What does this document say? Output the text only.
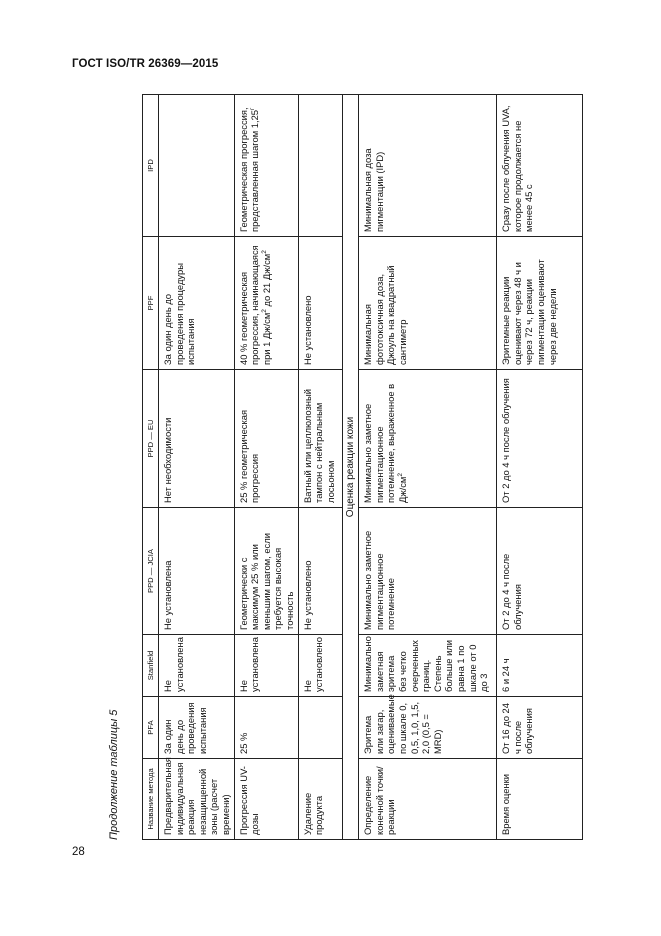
ГОСТ ISO/TR 26369—2015
Продолжение таблицы 5	Название метода	PFA	Stanfield	PPD — JCIA	PPD — EU	PPF	IPD
Предварительная индивидуальная реакция незащищенной зоны (расчет времени)	За один день до проведения испытания	Не установлена	Не установлена	Нет необходимости	За один день до проведения процедуры испытания	
Прогрессия UV-дозы	25 %	Не установлена	Геометрически с максимум 25 % или меньшим шагом, если требуется высокая точность	25 % геометрическая прогрессия	40 % геометрическая прогрессия, начинающаяся при 1 $Дж/см^2$ до 21 $Дж/см^2$	Геометрическая прогрессия, представленная шагом $1,25^г$
Удаление продукта		Не установлено	Не установлено	Ватный или целлюлозный тампон с нейтральным лосьоном	Не установлено	
Оценка реакции кожи						
Определение конечной точки/реакции	Эритема или загар, оцениваемые по шкале 0, 0,5, 1,0, 1,5, 2,0 (0,5 = MRD)	Минимально заметная эритема без четко очерченных границ. Степень больше или равна 1 по шкале от 0 до 3	Минимально заметное пигментационное потемнение	Минимально заметное пигментационное потемнение, выраженное в $Дж/см^2$	Минимальная фототоксичная доза, Джоуль на квадратный сантиметр	Минимальная доза пигментации (IPD)
Время оценки	От 16 до 24 ч после облучения	6 и 24 ч	От 2 до 4 ч после облучения	От 2 до 4 ч после облучения	Эритемные реакции оценивают через 48 ч и через 72 ч, реакции пигментации оценивают через две недели	Сразу после облучения UVA, которое продолжается не менее 45 с
28
